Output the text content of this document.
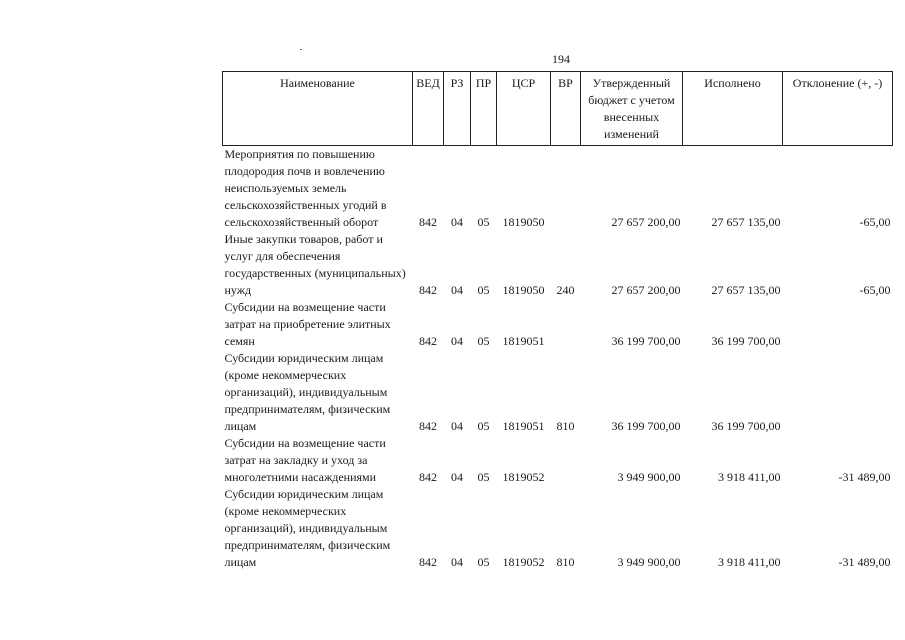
194
Наименование	ВЕД	РЗ	ПР	ЦСР	ВР	Утвержденный бюджет с учетом внесенных изменений	Исполнено	Отклонение (+, -)
Мероприятия по повышению плодородия почв и вовлечению неиспользуемых земель сельскохозяйственных угодий в сельскохозяйственный оборот	842	04	05	1819050		27 657 200,00	27 657 135,00	-65,00
Иные закупки товаров, работ и услуг для обеспечения государственных (муниципальных) нужд	842	04	05	1819050	240	27 657 200,00	27 657 135,00	-65,00
Субсидии на возмещение части затрат на приобретение элитных семян	842	04	05	1819051		36 199 700,00	36 199 700,00	
Субсидии юридическим лицам (кроме некоммерческих организаций), индивидуальным предпринимателям, физическим лицам	842	04	05	1819051	810	36 199 700,00	36 199 700,00	
Субсидии на возмещение части затрат на закладку и уход за многолетними насаждениями	842	04	05	1819052		3 949 900,00	3 918 411,00	-31 489,00
Субсидии юридическим лицам (кроме некоммерческих организаций), индивидуальным предпринимателям, физическим лицам	842	04	05	1819052	810	3 949 900,00	3 918 411,00	-31 489,00
